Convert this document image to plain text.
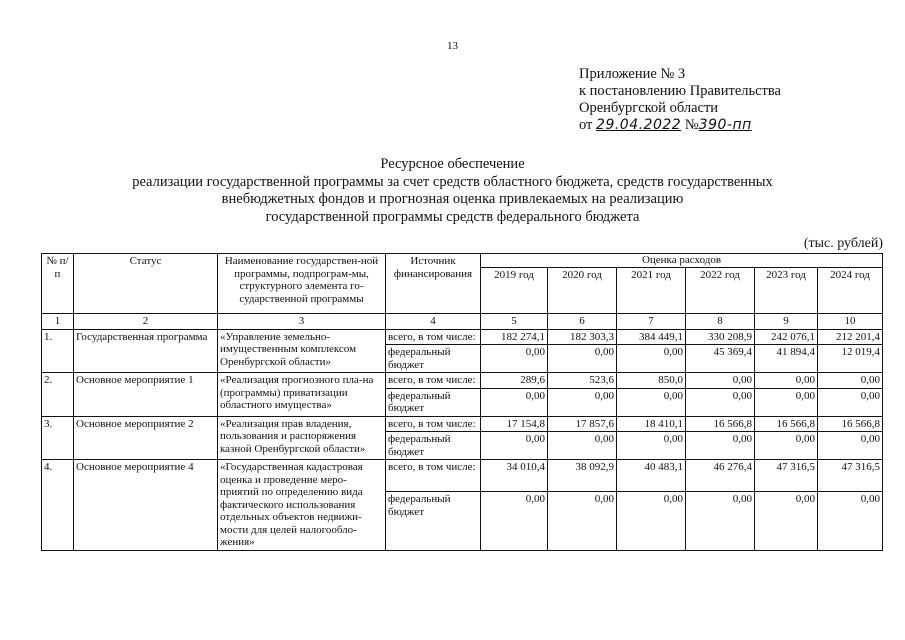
13
Приложение № 3
к постановлению Правительства
Оренбургской области
от 29.04.2022 №390-пп
Ресурсное обеспечение
реализации государственной программы за счет средств областного бюджета, средств государственных
внебюджетных фондов и прогнозная оценка привлекаемых на реализацию
государственной программы средств федерального бюджета
(тыс. рублей)
№ п/п	Статус	Наименование государствен-ной программы, подпрограм-мы, структурного элемента го-сударственной программы	Источник финансирования	Оценка расходов					
				2019 год	2020 год	2021 год	2022 год	2023 год	2024 год
1	2	3	4	5	6	7	8	9	10
1.	Государственная программа	«Управление земельно-имущественным комплексом Оренбургской области»	всего, в том числе:	182 274,1	182 303,3	384 449,1	330 208,9	242 076,1	212 201,4
			федеральный бюджет	0,00	0,00	0,00	45 369,4	41 894,4	12 019,4
2.	Основное мероприятие 1	«Реализация прогнозного пла-на (программы) приватизации областного имущества»	всего, в том числе:	289,6	523,6	850,0	0,00	0,00	0,00
			федеральный бюджет	0,00	0,00	0,00	0,00	0,00	0,00
3.	Основное мероприятие 2	«Реализация прав владения, пользования и распоряжения казной Оренбургской области»	всего, в том числе:	17 154,8	17 857,6	18 410,1	16 566,8	16 566,8	16 566,8
			федеральный бюджет	0,00	0,00	0,00	0,00	0,00	0,00
4.	Основное мероприятие 4	«Государственная кадастровая оценка и проведение меро-приятий по определению вида фактического использования отдельных объектов недвижи-мости для целей налогообло-жения»	всего, в том числе:	34 010,4	38 092,9	40 483,1	46 276,4	47 316,5	47 316,5
			федеральный бюджет	0,00	0,00	0,00	0,00	0,00	0,00
